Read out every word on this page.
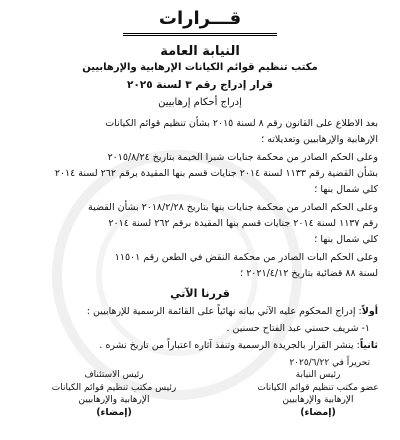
قـــرارات
النيابة العامة
مكتب تنظيم قوائم الكيانات الإرهابية والإرهابيين
قرار إدراج رقم ٣ لسنة ٢٠٢٥
إدراج أحكام إرهابيين
بعد الاطلاع على القانون رقم ٨ لسنة ٢٠١٥ بشأن تنظيم قوائم الكيانات
الإرهابية والإرهابيين وتعديلاته ؛
وعلى الحكم الصادر من محكمة جنايات شبرا الخيمة بتاريخ ٢٠١٥/٨/٢٤
بشأن القضية رقم ١١٣٣ لسنة ٢٠١٤ جنايات قسم بنها المقيدة برقم ٢٦٢ لسنة ٢٠١٤
كلي شمال بنها ؛
وعلى الحكم الصادر من محكمة جنايات بنها بتاريخ ٢٠١٨/٢/٢٨ بشأن القضية
رقم ١١٣٧ لسنة ٢٠١٤ جنايات قسم بنها المقيدة برقم ٢٦٢ لسنة ٢٠١٤
كلي شمال بنها ؛
وعلى الحكم البات الصادر من محكمة النقض في الطعن رقم ١١٥٠١
لسنة ٨٨ قضائية بتاريخ ٢٠٢١/٤/١٢ ؛
قررنا الآتي
أولاً: إدراج المحكوم عليه الآتي بيانه نهائياً على القائمة الرسمية للإرهابيين :
١- شريف حسني عبد الفتاح حسنين .
ثانياً: ينشر القرار بالجريدة الرسمية وتنفذ آثاره اعتباراً من تاريخ نشره .
تحريراً في ٢٠٢٥/٦/٢٢
رئيس النيابة
عضو مكتب تنظيم قوائم الكيانات
الإرهابية والإرهابيين
(إمضاء)
رئيس الاستئناف
رئيس مكتب تنظيم قوائم الكيانات
الإرهابية والإرهابيين
(إمضاء)
